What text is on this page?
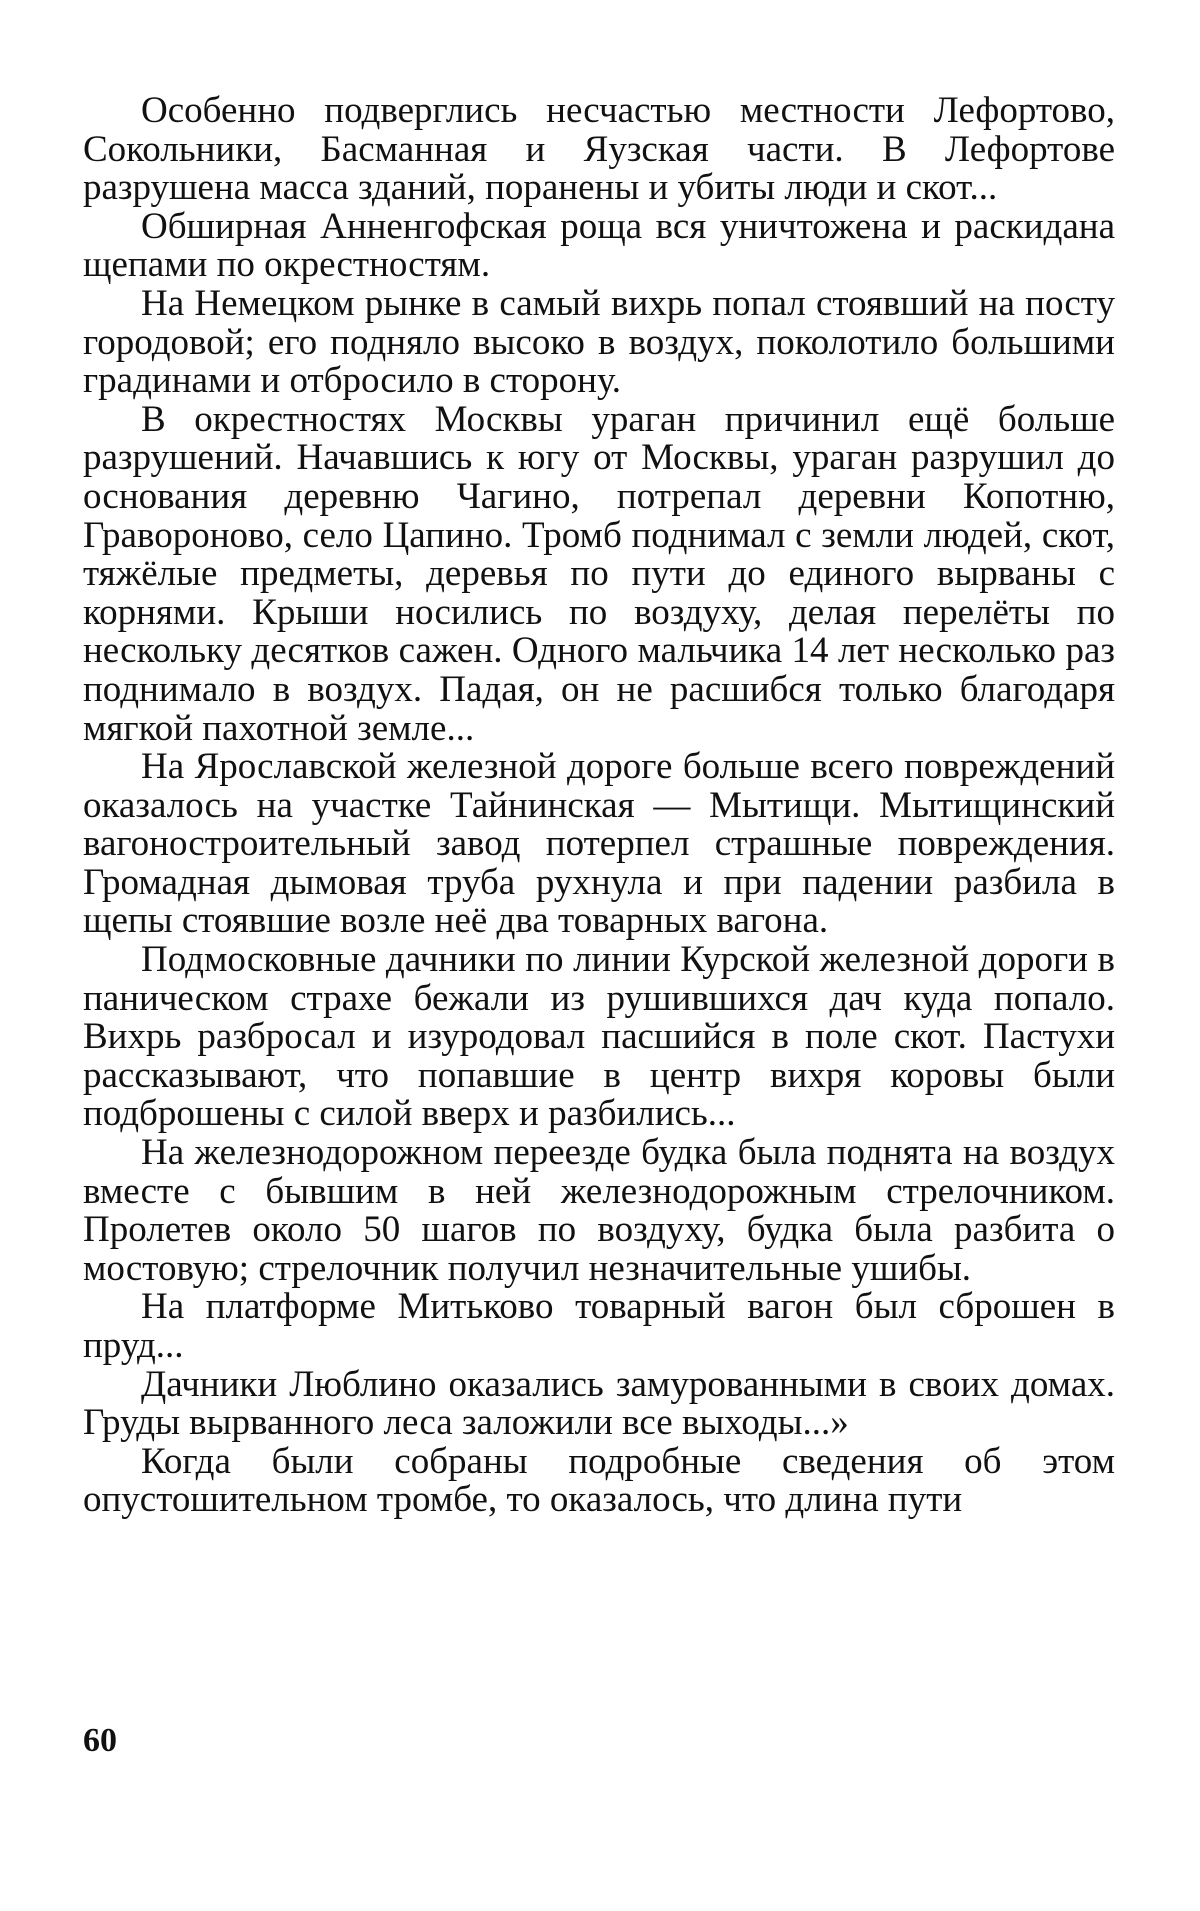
Особенно подверглись несчастью местности Лефортово, Сокольники, Басманная и Яузская части. В Лефортове разрушена масса зданий, поранены и убиты люди и скот...

Обширная Анненгофская роща вся уничтожена и раскидана щепами по окрестностям.

На Немецком рынке в самый вихрь попал стоявший на посту городовой; его подняло высоко в воздух, поколотило большими градинами и отбросило в сторону.

В окрестностях Москвы ураган причинил ещё больше разрушений. Начавшись к югу от Москвы, ураган разрушил до основания деревню Чагино, потрепал деревни Копотню, Гравороново, село Цапино. Тромб поднимал с земли людей, скот, тяжёлые предметы, деревья по пути до единого вырваны с корнями. Крыши носились по воздуху, делая перелёты по нескольку десятков сажен. Одного мальчика 14 лет несколько раз поднимало в воздух. Падая, он не расшибся только благодаря мягкой пахотной земле...

На Ярославской железной дороге больше всего повреждений оказалось на участке Тайнинская — Мытищи. Мытищинский вагоностроительный завод потерпел страшные повреждения. Громадная дымовая труба рухнула и при падении разбила в щепы стоявшие возле неё два товарных вагона.

Подмосковные дачники по линии Курской железной дороги в паническом страхе бежали из рушившихся дач куда попало. Вихрь разбросал и изуродовал пасшийся в поле скот. Пастухи рассказывают, что попавшие в центр вихря коровы были подброшены с силой вверх и разбились...

На железнодорожном переезде будка была поднята на воздух вместе с бывшим в ней железнодорожным стрелочником. Пролетев около 50 шагов по воздуху, будка была разбита о мостовую; стрелочник получил незначительные ушибы.

На платформе Митьково товарный вагон был сброшен в пруд...

Дачники Люблино оказались замурованными в своих домах. Груды вырванного леса заложили все выходы...»

Когда были собраны подробные сведения об этом опустошительном тромбе, то оказалось, что длина пути

60
